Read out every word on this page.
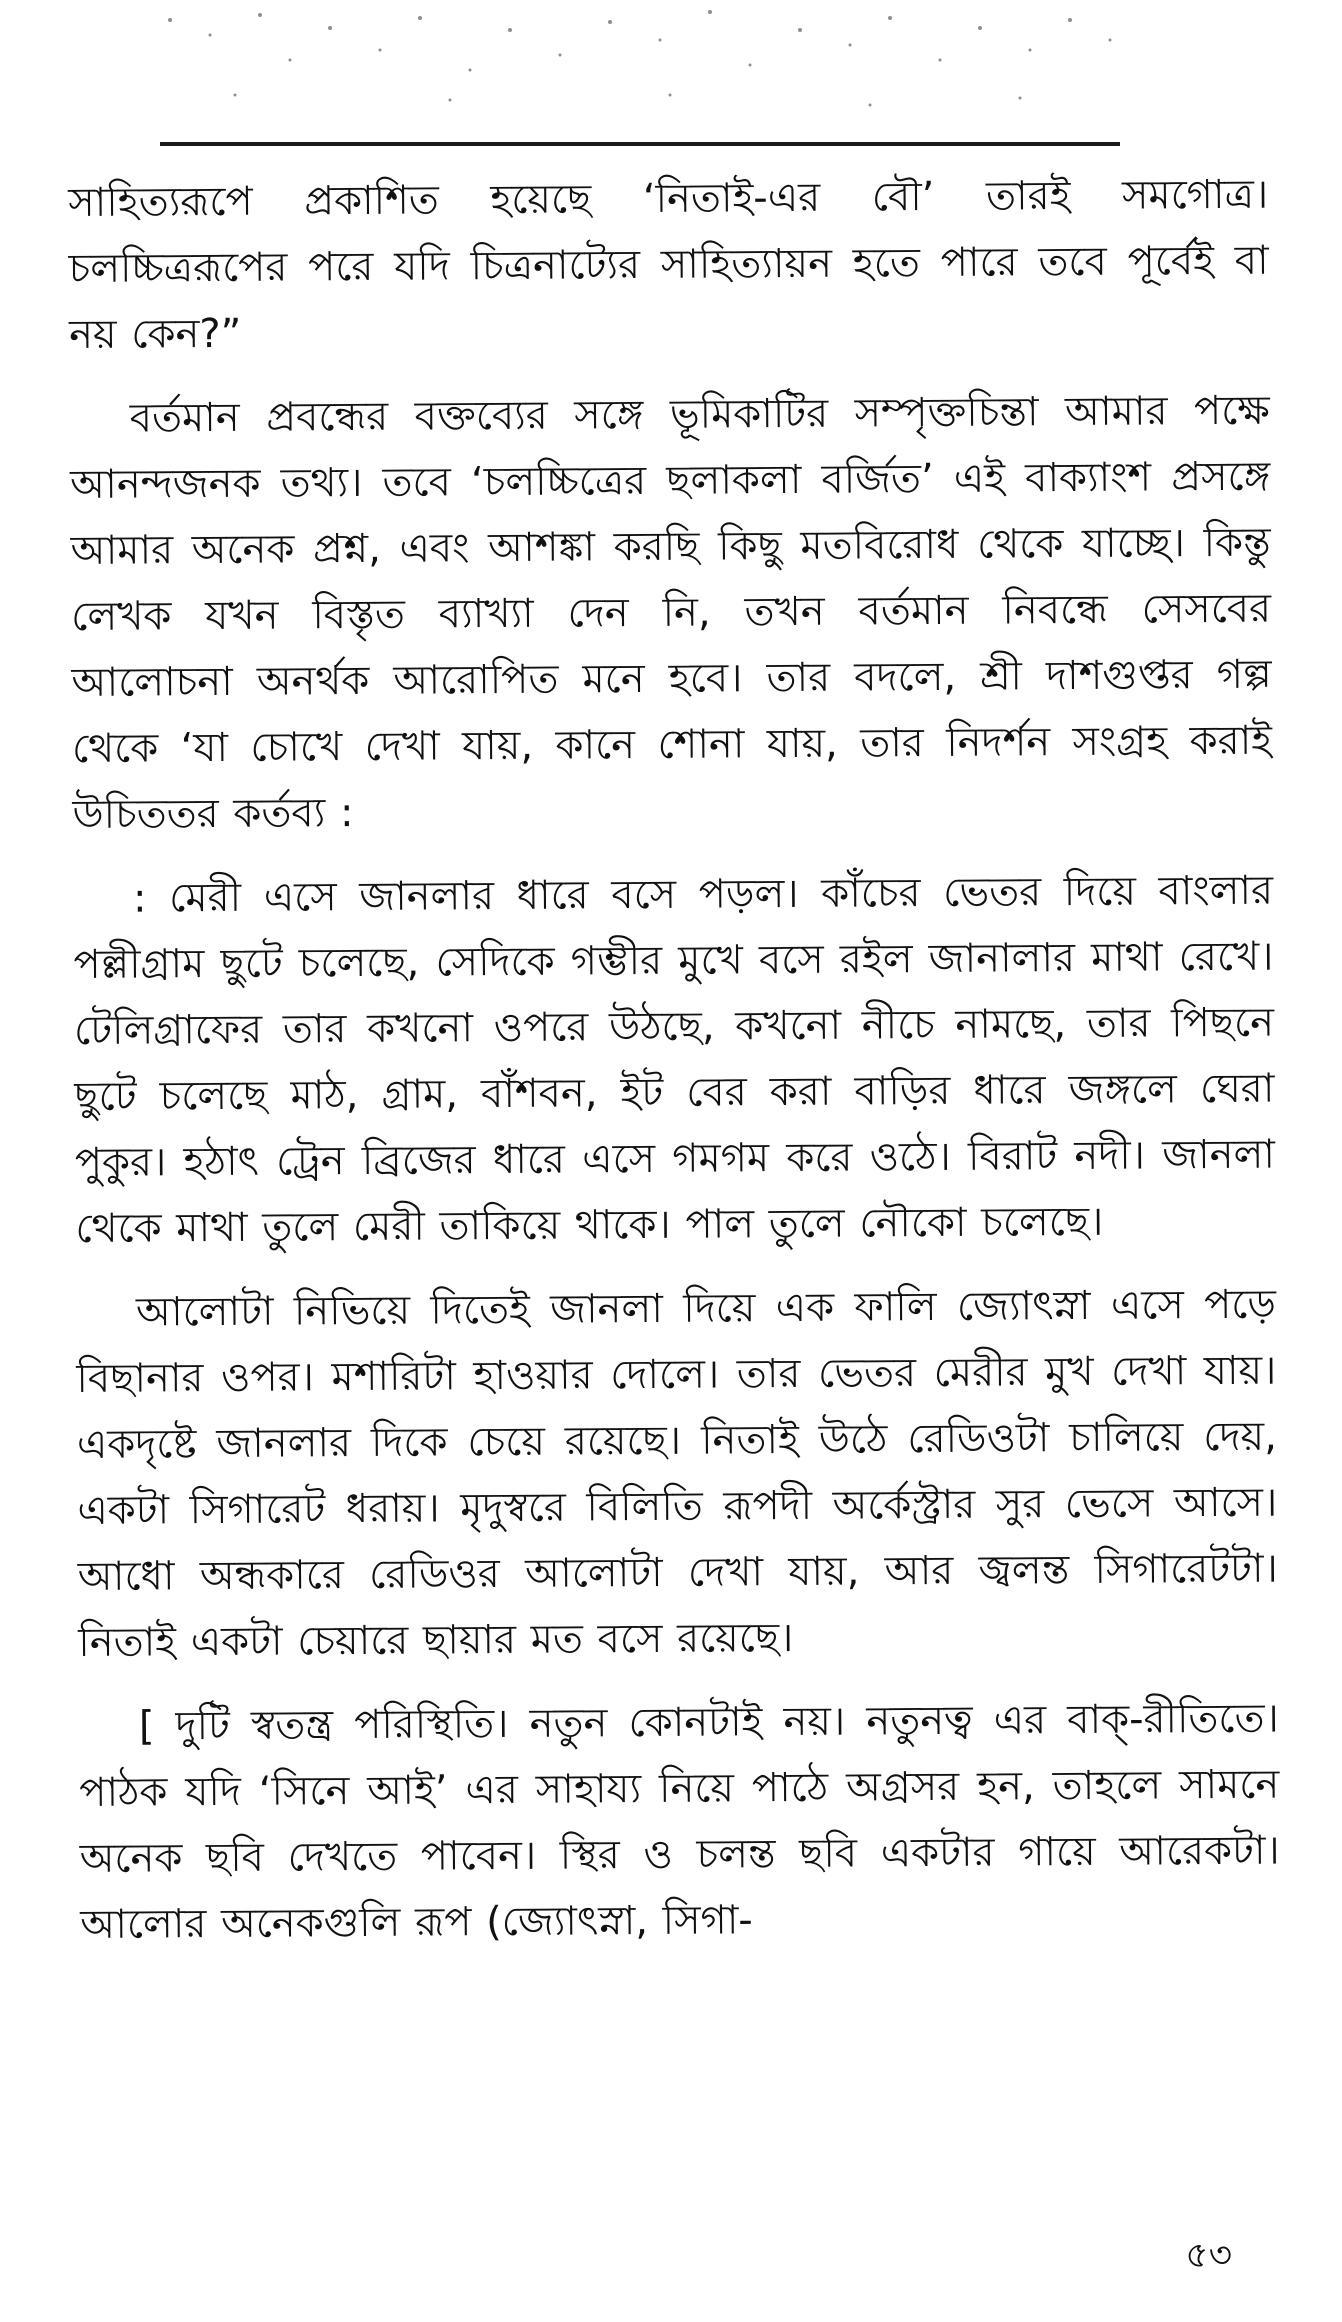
সাহিত্যরূপে প্রকাশিত হয়েছে ‘নিতাই-এর বৌ’ তারই সমগোত্র। চলচ্চিত্ররূপের পরে যদি চিত্রনাট্যের সাহিত্যায়ন হতে পারে তবে পূর্বেই বা নয় কেন?”

বর্তমান প্রবন্ধের বক্তব্যের সঙ্গে ভূমিকাটির সম্পৃক্তচিন্তা আমার পক্ষে আনন্দজনক তথ্য। তবে ‘চলচ্চিত্রের ছলাকলা বর্জিত’ এই বাক্যাংশ প্রসঙ্গে আমার অনেক প্রশ্ন, এবং আশঙ্কা করছি কিছু মতবিরোধ থেকে যাচ্ছে। কিন্তু লেখক যখন বিস্তৃত ব্যাখ্যা দেন নি, তখন বর্তমান নিবন্ধে সেসবের আলোচনা অনর্থক আরোপিত মনে হবে। তার বদলে, শ্রী দাশগুপ্তর গল্প থেকে ‘যা চোখে দেখা যায়, কানে শোনা যায়, তার নিদর্শন সংগ্রহ করাই উচিততর কর্তব্য :

: মেরী এসে জানলার ধারে বসে পড়ল। কাঁচের ভেতর দিয়ে বাংলার পল্লীগ্রাম ছুটে চলেছে, সেদিকে গম্ভীর মুখে বসে রইল জানালার মাথা রেখে। টেলিগ্রাফের তার কখনো ওপরে উঠছে, কখনো নীচে নামছে, তার পিছনে ছুটে চলেছে মাঠ, গ্রাম, বাঁশবন, ইট বের করা বাড়ির ধারে জঙ্গলে ঘেরা পুকুর। হঠাৎ ট্রেন ব্রিজের ধারে এসে গমগম করে ওঠে। বিরাট নদী। জানলা থেকে মাথা তুলে মেরী তাকিয়ে থাকে। পাল তুলে নৌকো চলেছে।

আলোটা নিভিয়ে দিতেই জানলা দিয়ে এক ফালি জ্যোৎস্না এসে পড়ে বিছানার ওপর। মশারিটা হাওয়ার দোলে। তার ভেতর মেরীর মুখ দেখা যায়। একদৃষ্টে জানলার দিকে চেয়ে রয়েছে। নিতাই উঠে রেডিওটা চালিয়ে দেয়, একটা সিগারেট ধরায়। মৃদুস্বরে বিলিতি রূপদী অর্কেস্ট্রার সুর ভেসে আসে। আধো অন্ধকারে রেডিওর আলোটা দেখা যায়, আর জ্বলন্ত সিগারেটটা। নিতাই একটা চেয়ারে ছায়ার মত বসে রয়েছে।

[ দুটি স্বতন্ত্র পরিস্থিতি। নতুন কোনটাই নয়। নতুনত্ব এর বাক্-রীতিতে। পাঠক যদি ‘সিনে আই’ এর সাহায্য নিয়ে পাঠে অগ্রসর হন, তাহলে সামনে অনেক ছবি দেখতে পাবেন। স্থির ও চলন্ত ছবি একটার গায়ে আরেকটা। আলোর অনেকগুলি রূপ (জ্যোৎস্না, সিগা-

৫৩
